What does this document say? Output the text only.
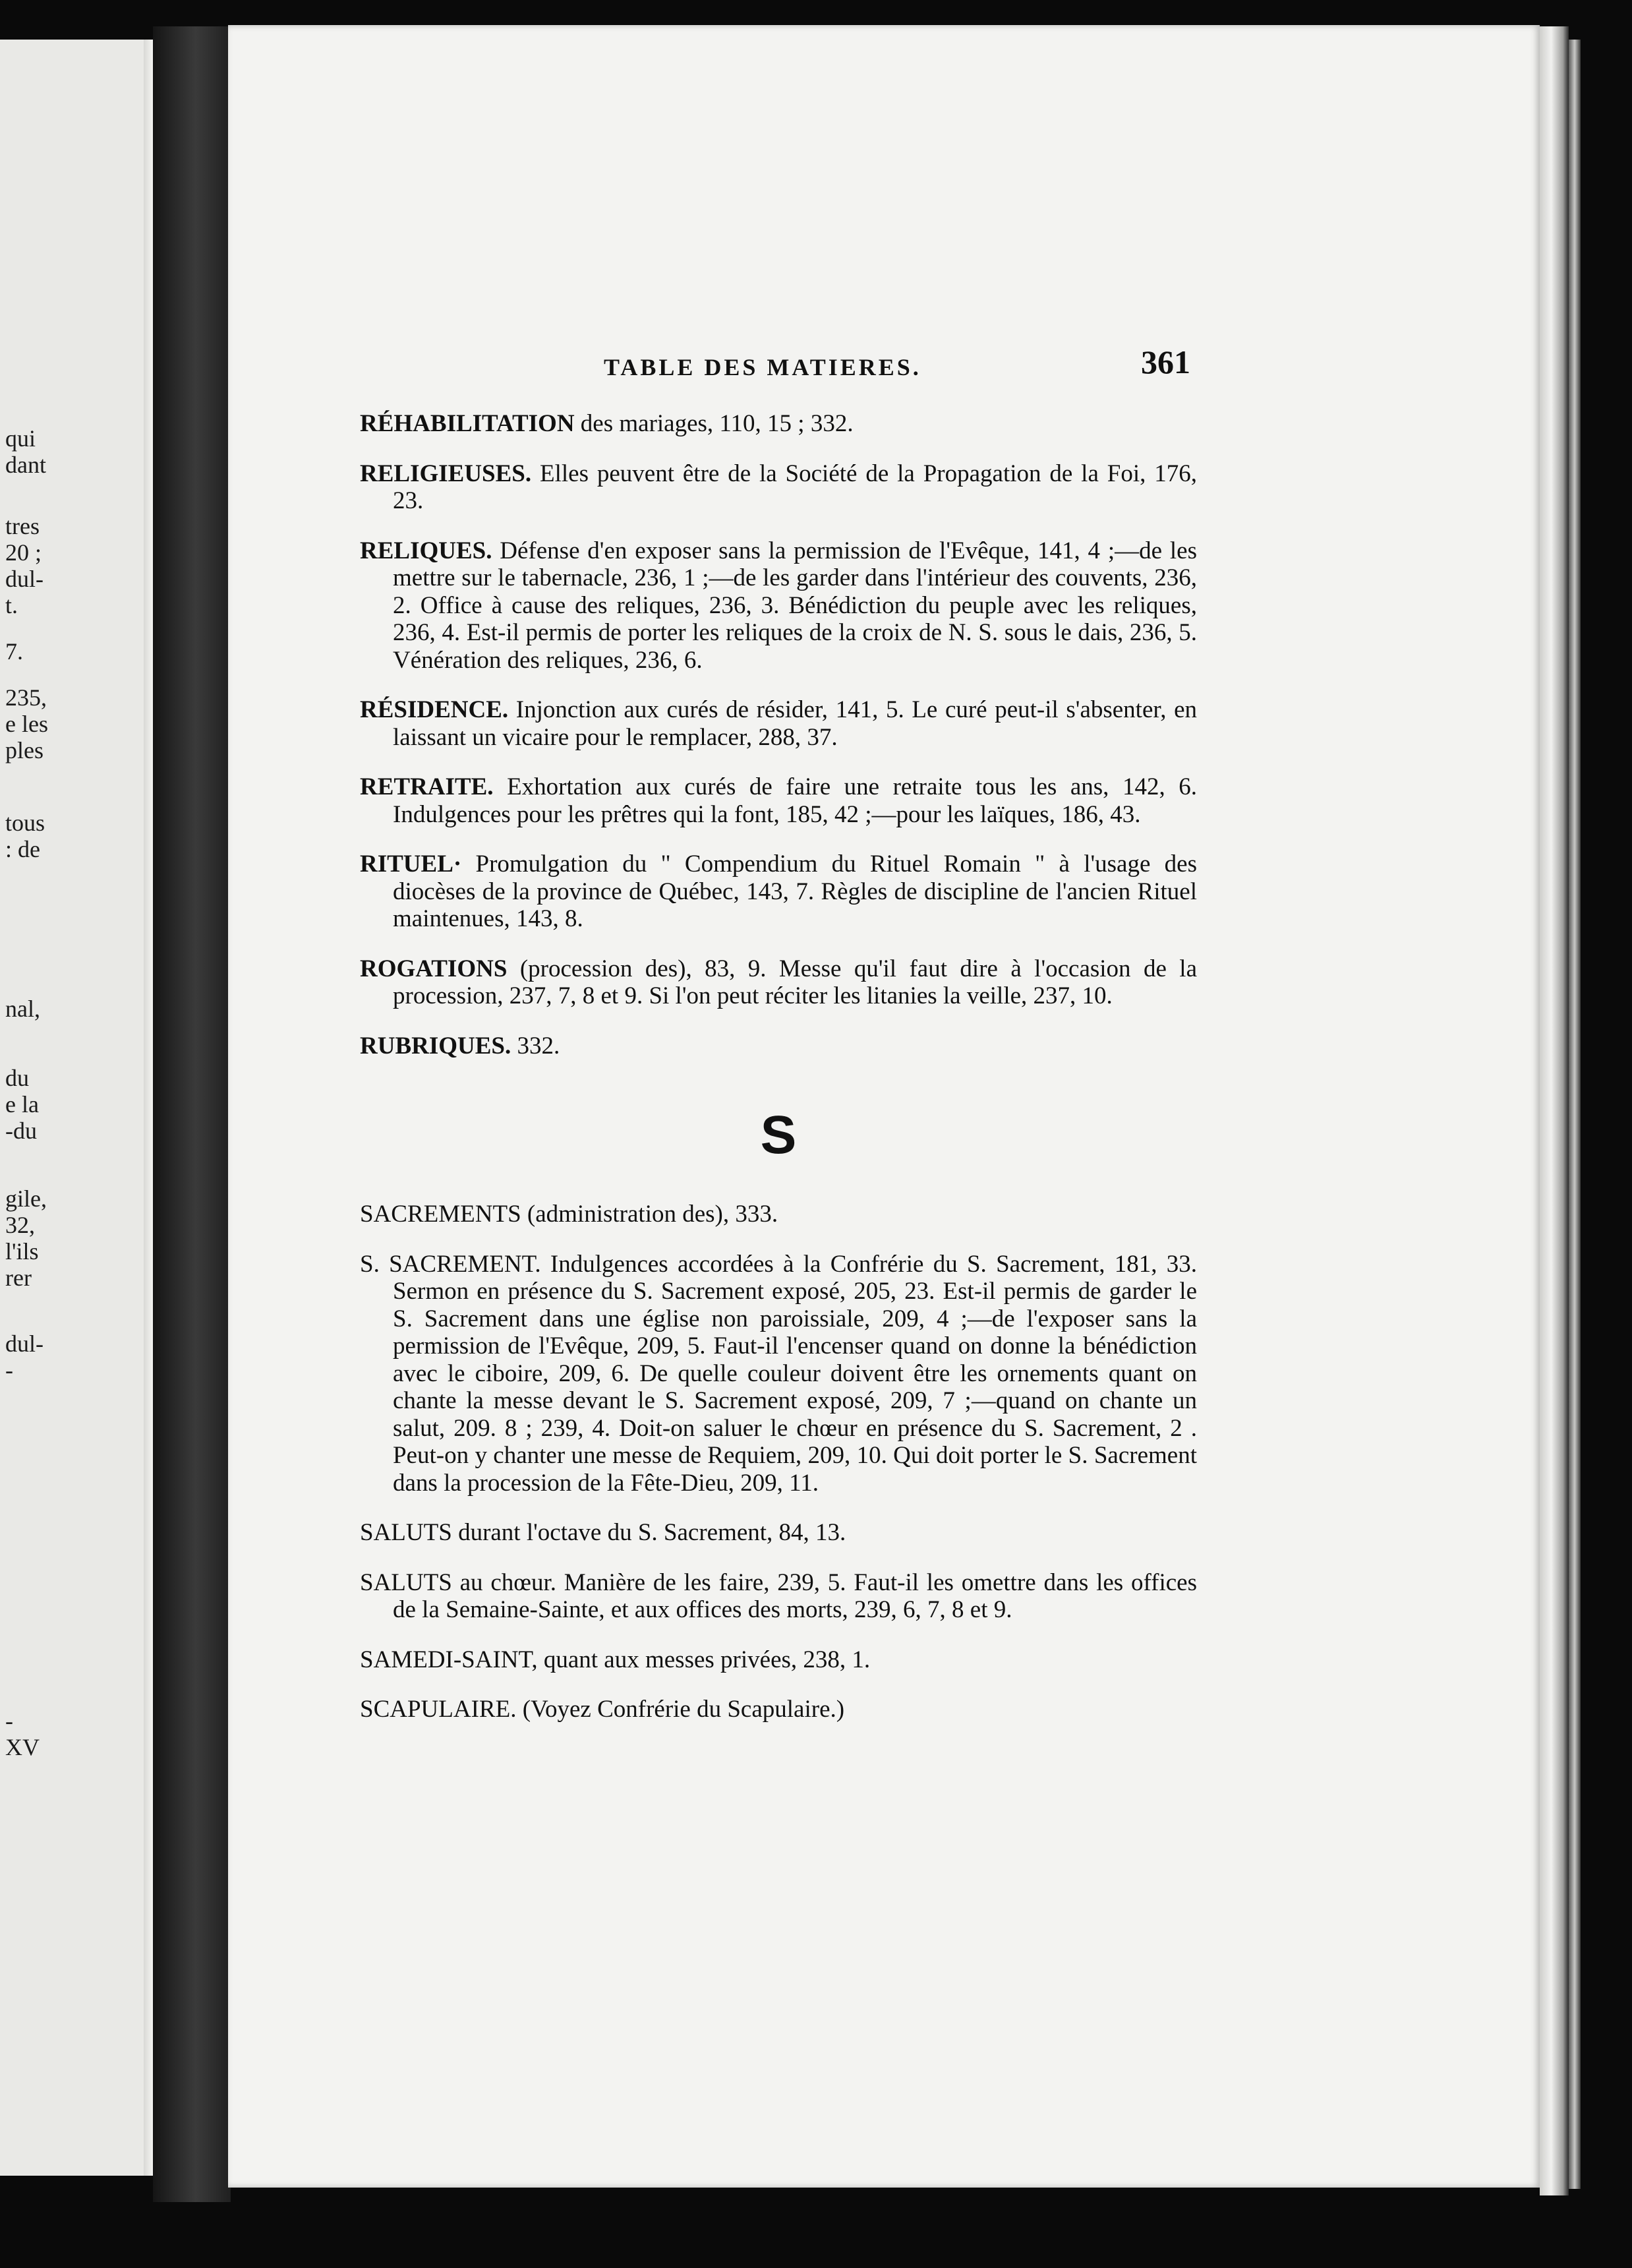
qui
dant
tres
20 ;
dul-
t.
7.
235,
e les
ples
tous
: de
nal,
du
e la
-du
gile,
32,
l'ils
rer
dul-
-
-
XV
TABLE DES MATIERES.	361

RÉHABILITATION des mariages, 110, 15 ; 332.

RELIGIEUSES. Elles peuvent être de la Société de la Propagation de la Foi, 176, 23.

RELIQUES. Défense d'en exposer sans la permission de l'Evêque, 141, 4 ;—de les mettre sur le tabernacle, 236, 1 ;—de les garder dans l'intérieur des couvents, 236, 2. Office à cause des reliques, 236, 3. Bénédiction du peuple avec les reliques, 236, 4. Est-il permis de porter les reliques de la croix de N. S. sous le dais, 236, 5. Vénération des reliques, 236, 6.

RÉSIDENCE. Injonction aux curés de résider, 141, 5. Le curé peut-il s'absenter, en laissant un vicaire pour le remplacer, 288, 37.

RETRAITE. Exhortation aux curés de faire une retraite tous les ans, 142, 6. Indulgences pour les prêtres qui la font, 185, 42 ;—pour les laïques, 186, 43.

RITUEL· Promulgation du " Compendium du Rituel Romain " à l'usage des diocèses de la province de Québec, 143, 7. Règles de discipline de l'ancien Rituel maintenues, 143, 8.

ROGATIONS (procession des), 83, 9. Messe qu'il faut dire à l'occasion de la procession, 237, 7, 8 et 9. Si l'on peut réciter les litanies la veille, 237, 10.

RUBRIQUES. 332.

S

SACREMENTS (administration des), 333.

S. SACREMENT. Indulgences accordées à la Confrérie du S. Sacrement, 181, 33. Sermon en présence du S. Sacrement exposé, 205, 23. Est-il permis de garder le S. Sacrement dans une église non paroissiale, 209, 4 ;—de l'exposer sans la permission de l'Evêque, 209, 5. Faut-il l'encenser quand on donne la bénédiction avec le ciboire, 209, 6. De quelle couleur doivent être les ornements quant on chante la messe devant le S. Sacrement exposé, 209, 7 ;—quand on chante un salut, 209. 8 ; 239, 4. Doit-on saluer le chœur en présence du S. Sacrement, 2 . Peut-on y chanter une messe de Requiem, 209, 10. Qui doit porter le S. Sacrement dans la procession de la Fête-Dieu, 209, 11.

SALUTS durant l'octave du S. Sacrement, 84, 13.

SALUTS au chœur. Manière de les faire, 239, 5. Faut-il les omettre dans les offices de la Semaine-Sainte, et aux offices des morts, 239, 6, 7, 8 et 9.

SAMEDI-SAINT, quant aux messes privées, 238, 1.

SCAPULAIRE. (Voyez Confrérie du Scapulaire.)
